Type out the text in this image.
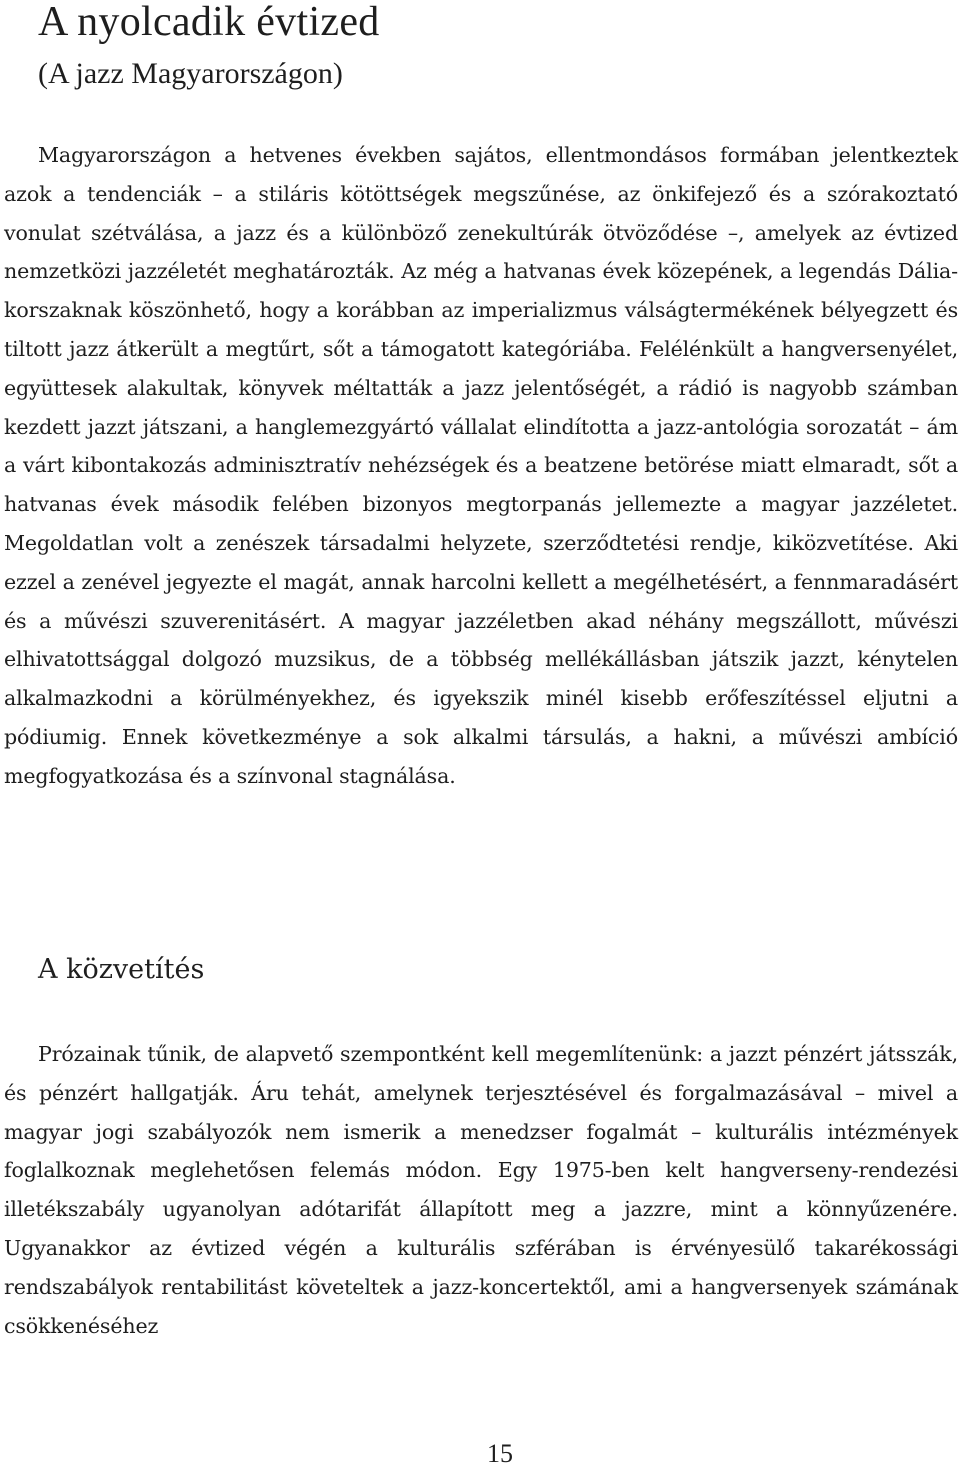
A nyolcadik évtized
(A jazz Magyarországon)

Magyarországon a hetvenes években sajátos, ellentmondásos formában jelentkeztek azok a tendenciák – a stiláris kötöttségek megszűnése, az önkifejező és a szórakoztató vonulat szétválása, a jazz és a különböző zenekultúrák ötvöződése –, amelyek az évtized nemzetközi jazzéletét meghatározták. Az még a hatvanas évek közepének, a legendás Dália-korszaknak köszönhető, hogy a korábban az imperializmus válságtermékének bélyegzett és tiltott jazz átkerült a megtűrt, sőt a támogatott kategóriába. Felélénkült a hangversenyélet, együttesek alakultak, könyvek méltatták a jazz jelentőségét, a rádió is nagyobb számban kezdett jazzt játszani, a hanglemezgyártó vállalat elindította a jazz-antológia sorozatát – ám a várt kibontakozás adminisztratív nehézségek és a beatzene betörése miatt elmaradt, sőt a hatvanas évek második felében bizonyos megtorpanás jellemezte a magyar jazzéletet. Megoldatlan volt a zenészek társadalmi helyzete, szerződtetési rendje, kiközvetítése. Aki ezzel a zenével jegyezte el magát, annak harcolni kellett a megélhetésért, a fennmaradásért és a művészi szuverenitásért. A magyar jazzéletben akad néhány megszállott, művészi elhivatottsággal dolgozó muzsikus, de a többség mellékállásban játszik jazzt, kénytelen alkalmazkodni a körülményekhez, és igyekszik minél kisebb erőfeszítéssel eljutni a pódiumig. Ennek következménye a sok alkalmi társulás, a hakni, a művészi ambíció megfogyatkozása és a színvonal stagnálása.

A közvetítés

Prózainak tűnik, de alapvető szempontként kell megemlítenünk: a jazzt pénzért játsszák, és pénzért hallgatják. Áru tehát, amelynek terjesztésével és forgalmazásával – mivel a magyar jogi szabályozók nem ismerik a menedzser fogalmát – kulturális intézmények foglalkoznak meglehetősen felemás módon. Egy 1975-ben kelt hangverseny-rendezési illetékszabály ugyanolyan adótarifát állapított meg a jazzre, mint a könnyűzenére. Ugyanakkor az évtized végén a kulturális szférában is érvényesülő takarékossági rendszabályok rentabilitást követeltek a jazz-koncertektől, ami a hangversenyek számának csökkenéséhez

15
